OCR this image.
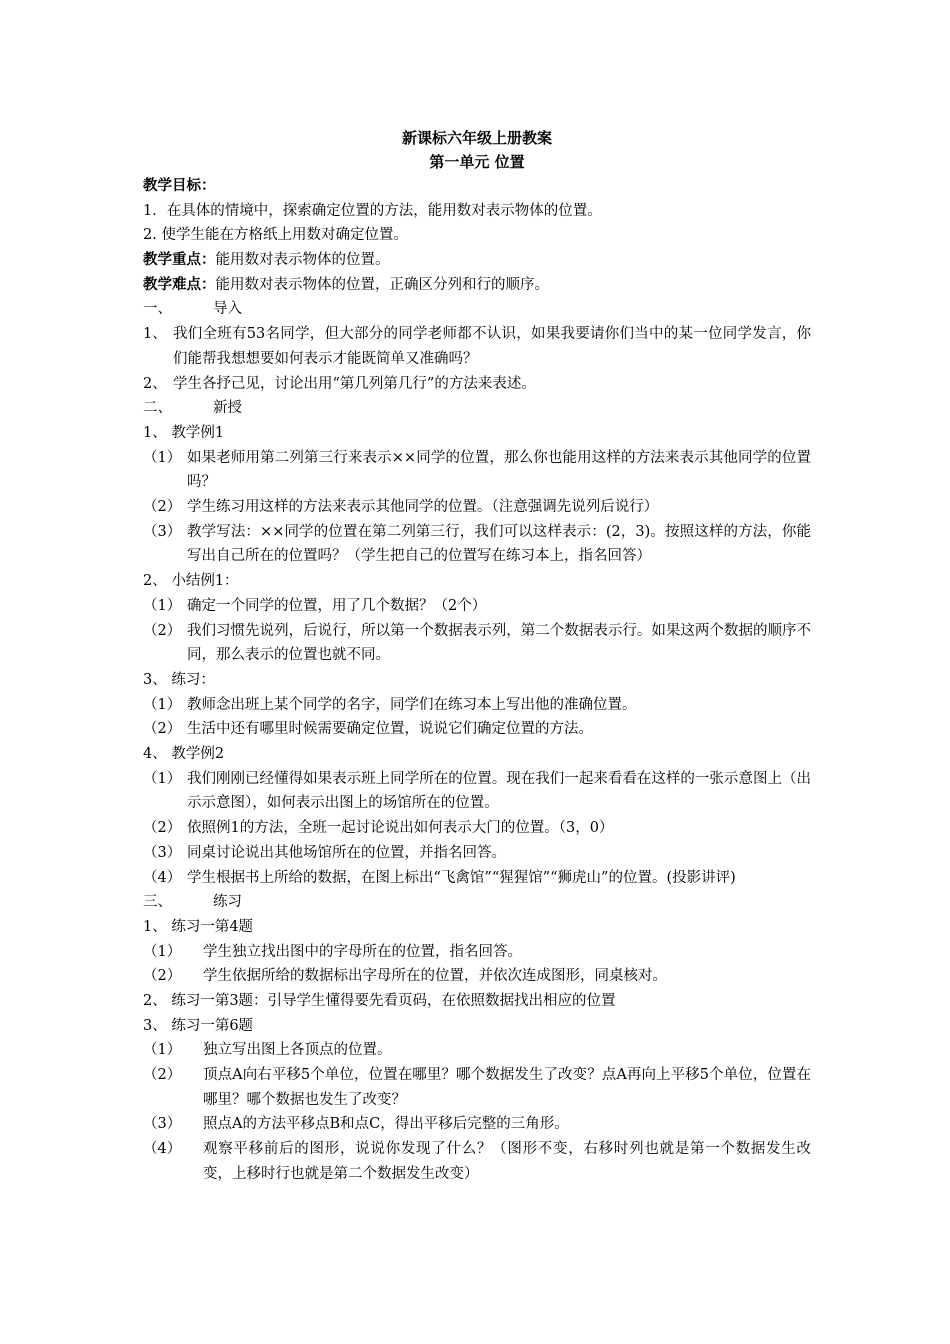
新课标六年级上册教案
第一单元 位置
教学目标：
1．在具体的情境中，探索确定位置的方法，能用数对表示物体的位置。
2. 使学生能在方格纸上用数对确定位置。
教学重点：能用数对表示物体的位置。
教学难点：能用数对表示物体的位置，正确区分列和行的顺序。
一、	导入
1、 我们全班有53名同学，但大部分的同学老师都不认识，如果我要请你们当中的某一位同学发言，你们能帮我想想要如何表示才能既简单又准确吗？
2、 学生各抒己见，讨论出用“第几列第几行”的方法来表述。
二、	新授
1、 教学例1
（1） 如果老师用第二列第三行来表示××同学的位置，那么你也能用这样的方法来表示其他同学的位置吗？
（2） 学生练习用这样的方法来表示其他同学的位置。（注意强调先说列后说行）
（3） 教学写法：××同学的位置在第二列第三行，我们可以这样表示：(2，3)。按照这样的方法，你能写出自己所在的位置吗？（学生把自己的位置写在练习本上，指名回答）
2、 小结例1：
（1） 确定一个同学的位置，用了几个数据？（2个）
（2） 我们习惯先说列，后说行，所以第一个数据表示列，第二个数据表示行。如果这两个数据的顺序不同，那么表示的位置也就不同。
3、 练习：
（1） 教师念出班上某个同学的名字，同学们在练习本上写出他的准确位置。
（2） 生活中还有哪里时候需要确定位置，说说它们确定位置的方法。
4、 教学例2
（1） 我们刚刚已经懂得如果表示班上同学所在的位置。现在我们一起来看看在这样的一张示意图上（出示示意图），如何表示出图上的场馆所在的位置。
（2） 依照例1的方法，全班一起讨论说出如何表示大门的位置。（3，0）
（3） 同桌讨论说出其他场馆所在的位置，并指名回答。
（4） 学生根据书上所给的数据，在图上标出“飞禽馆”“猩猩馆”“狮虎山”的位置。(投影讲评)
三、	练习
1、 练习一第4题
（1）	学生独立找出图中的字母所在的位置，指名回答。
（2）	学生依据所给的数据标出字母所在的位置，并依次连成图形，同桌核对。
2、 练习一第3题：引导学生懂得要先看页码，在依照数据找出相应的位置
3、 练习一第6题
（1）	独立写出图上各顶点的位置。
（2）	顶点A向右平移5个单位，位置在哪里？哪个数据发生了改变？点A再向上平移5个单位，位置在哪里？哪个数据也发生了改变？
（3）	照点A的方法平移点B和点C，得出平移后完整的三角形。
（4）	观察平移前后的图形，说说你发现了什么？（图形不变，右移时列也就是第一个数据发生改变，上移时行也就是第二个数据发生改变）
